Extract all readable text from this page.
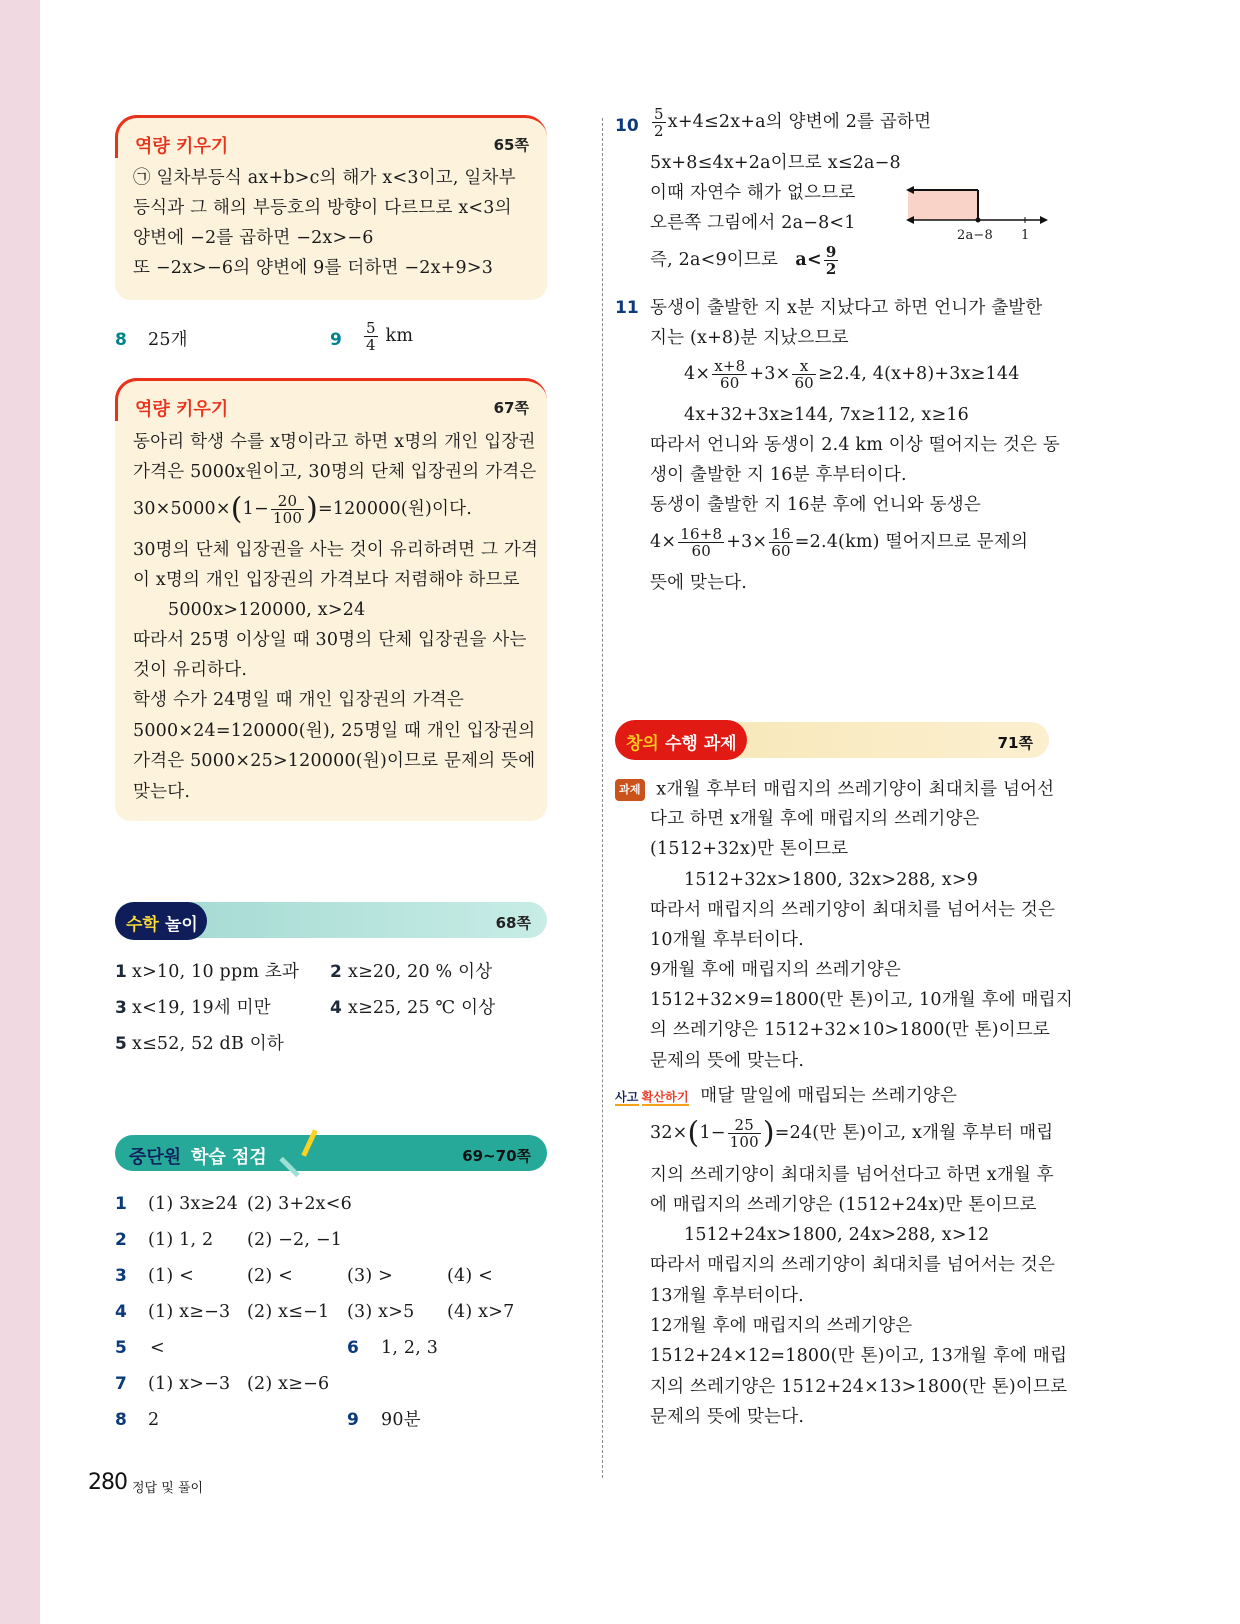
역량 키우기	65쪽
㉠ 일차부등식 ax+b>c의 해가 x<3이고, 일차부
등식과 그 해의 부등호의 방향이 다르므로 x<3의
양변에 −2를 곱하면 −2x>−6
또 −2x>−6의 양변에 9를 더하면 −2x+9>3
8 25개	$9 \frac{5}{4}$ km
역량 키우기	67쪽
동아리 학생 수를 x명이라고 하면 x명의 개인 입장권
가격은 5000x원이고, 30명의 단체 입장권의 가격은
$30\times 5000\times(1- \frac{20}{100} )=120000$(원)이다.
30명의 단체 입장권을 사는 것이 유리하려면 그 가격
이 x명의 개인 입장권의 가격보다 저렴해야 하므로
5000x>120000, x>24
따라서 25명 이상일 때 30명의 단체 입장권을 사는
것이 유리하다.
학생 수가 24명일 때 개인 입장권의 가격은
5000×24=120000(원), 25명일 때 개인 입장권의
가격은 5000×25>120000(원)이므로 문제의 뜻에
맞는다.
수학 놀이	68쪽
1 x>10, 10 ppm 초과 2 x≥20, 20 % 이상
3 x<19, 19세 미만	4 x≥25, 25 ℃ 이상
5 x≤52, 52 dB 이하
중단원 학습 점검	69~70쪽
1 (1) 3x≥24 (2) 3+2x<6
2 (1) 1, 2 (2) −2, −1
3 (1) <	(2) <	(3) >	(4) <
4 (1) x≥−3 (2) x≤−1 (3) x>5 (4) x>7
5 <	6 1, 2, 3
7 (1) x>−3 (2) x≥−6
8 2	9 90분
$10 \frac{5}{2} x+4\le 2x+a$의 양변에 2를 곱하면
5x+8≤4x+2a이므로 x≤2a−8
이때 자연수 해가 없으므로
오른쪽 그림에서 2a−8<1
즉, 2a<9이므로 $a< \frac{9}{2}$
2a−8 1
11 동생이 출발한 지 x분 지났다고 하면 언니가 출발한
지는 (x+8)분 지났으므로
$4\times \frac{x+8}{60} +3\times \frac{x}{60} \ge 2.4$, 4(x+8)+3x≥144
4x+32+3x≥144, 7x≥112, x≥16
따라서 언니와 동생이 2.4 km 이상 떨어지는 것은 동
생이 출발한 지 16분 후부터이다.
동생이 출발한 지 16분 후에 언니와 동생은
$4\times \frac{16+8}{60} +3\times \frac{16}{60} =2.4(km)$ 떨어지므로 문제의
뜻에 맞는다.
창의 수행 과제	71쪽
과제 x개월 후부터 매립지의 쓰레기양이 최대치를 넘어선
다고 하면 x개월 후에 매립지의 쓰레기양은
(1512+32x)만 톤이므로
1512+32x>1800, 32x>288, x>9
따라서 매립지의 쓰레기양이 최대치를 넘어서는 것은
10개월 후부터이다.
9개월 후에 매립지의 쓰레기양은
1512+32×9=1800(만 톤)이고, 10개월 후에 매립지
의 쓰레기양은 1512+32×10>1800(만 톤)이므로
문제의 뜻에 맞는다.
사고 확산하기 매달 말일에 매립되는 쓰레기양은
$32\times(1- \frac{25}{100} )=24$(만 톤)이고, x개월 후부터 매립
지의 쓰레기양이 최대치를 넘어선다고 하면 x개월 후
에 매립지의 쓰레기양은 (1512+24x)만 톤이므로
1512+24x>1800, 24x>288, x>12
따라서 매립지의 쓰레기양이 최대치를 넘어서는 것은
13개월 후부터이다.
12개월 후에 매립지의 쓰레기양은
1512+24×12=1800(만 톤)이고, 13개월 후에 매립
지의 쓰레기양은 1512+24×13>1800(만 톤)이므로
문제의 뜻에 맞는다.
280 정답 및 풀이
